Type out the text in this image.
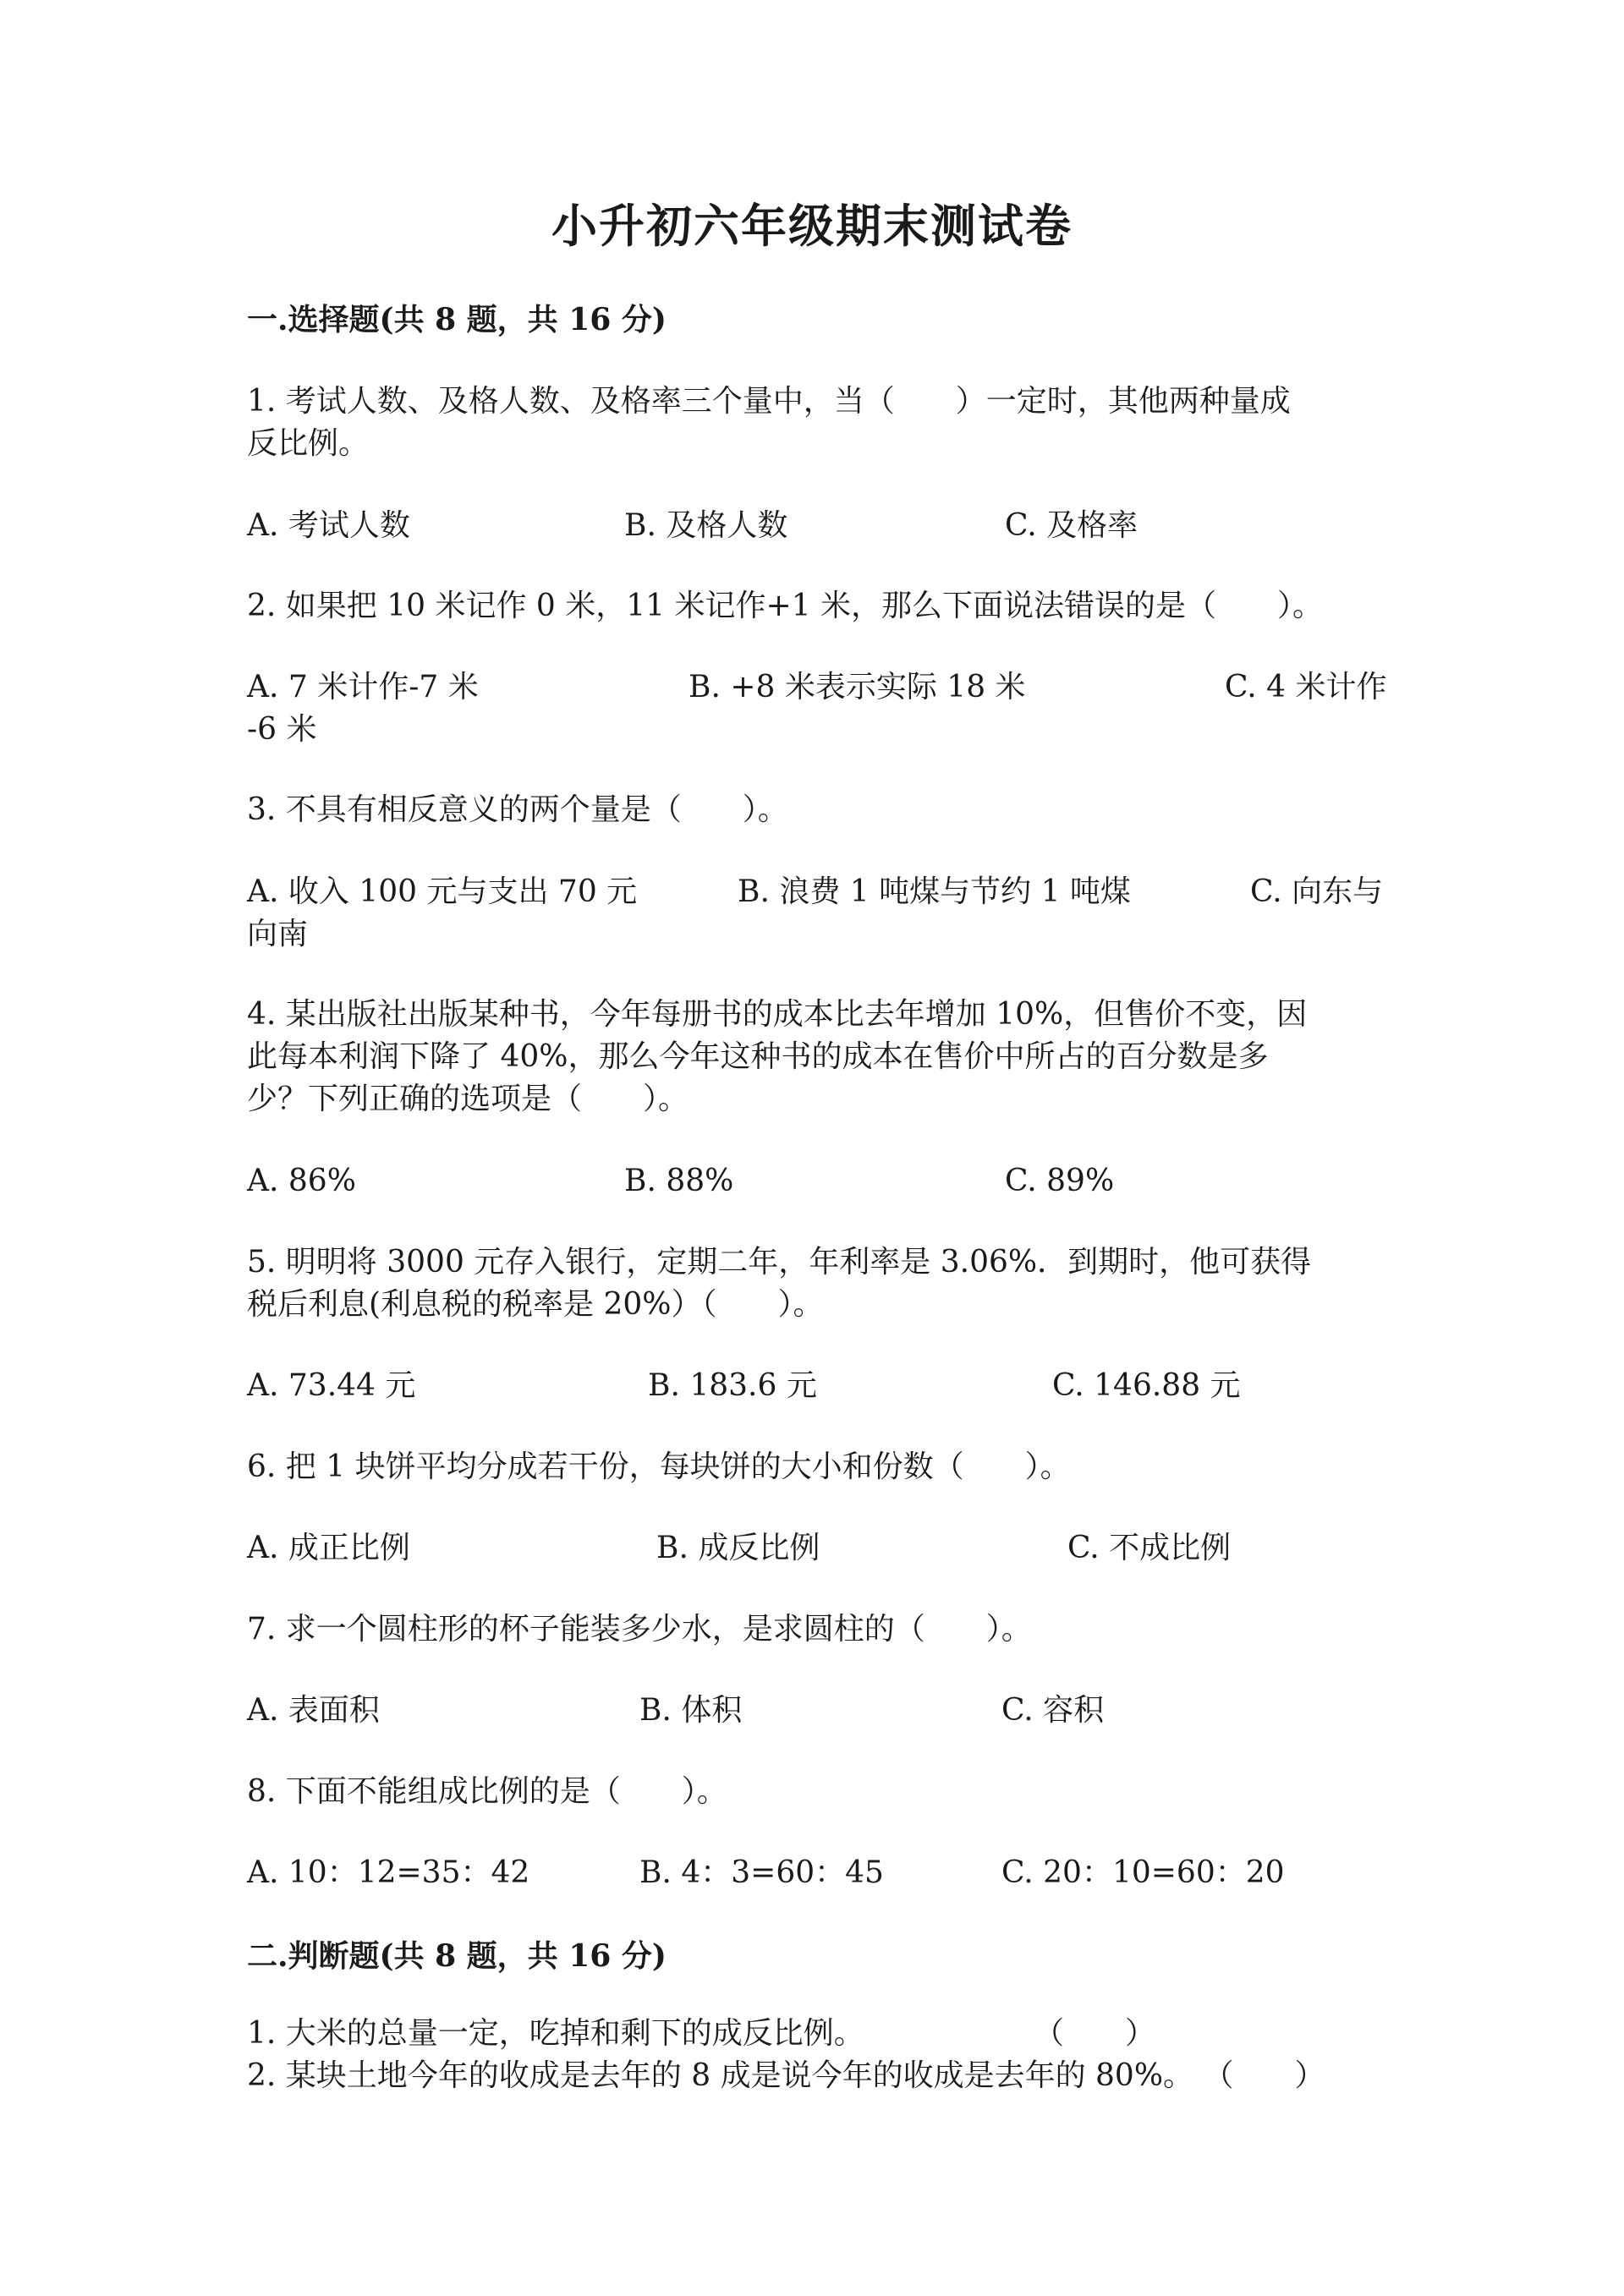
小升初六年级期末测试卷
一.选择题(共 8 题，共 16 分)
1. 考试人数、及格人数、及格率三个量中，当（　　）一定时，其他两种量成
反比例。
A. 考试人数	B. 及格人数	C. 及格率
2. 如果把 10 米记作 0 米，11 米记作+1 米，那么下面说法错误的是（　　）。
A. 7 米计作-7 米	B. +8 米表示实际 18 米	C. 4 米计作
-6 米
3. 不具有相反意义的两个量是（　　）。
A. 收入 100 元与支出 70 元	B. 浪费 1 吨煤与节约 1 吨煤	C. 向东与
向南
4. 某出版社出版某种书，今年每册书的成本比去年增加 10%，但售价不变，因
此每本利润下降了 40%，那么今年这种书的成本在售价中所占的百分数是多
少？下列正确的选项是（　　）。
A. 86%	B. 88%	C. 89%
5. 明明将 3000 元存入银行，定期二年，年利率是 3.06%．到期时，他可获得
税后利息(利息税的税率是 20%）（　　）。
A. 73.44 元	B. 183.6 元	C. 146.88 元
6. 把 1 块饼平均分成若干份，每块饼的大小和份数（　　）。
A. 成正比例	B. 成反比例	C. 不成比例
7. 求一个圆柱形的杯子能装多少水，是求圆柱的（　　）。
A. 表面积	B. 体积	C. 容积
8. 下面不能组成比例的是（　　）。
A. 10：12=35：42	B. 4：3=60：45	C. 20：10=60：20
二.判断题(共 8 题，共 16 分)
1. 大米的总量一定，吃掉和剩下的成反比例。	（　　）
2. 某块土地今年的收成是去年的 8 成是说今年的收成是去年的 80%。 （　　）
